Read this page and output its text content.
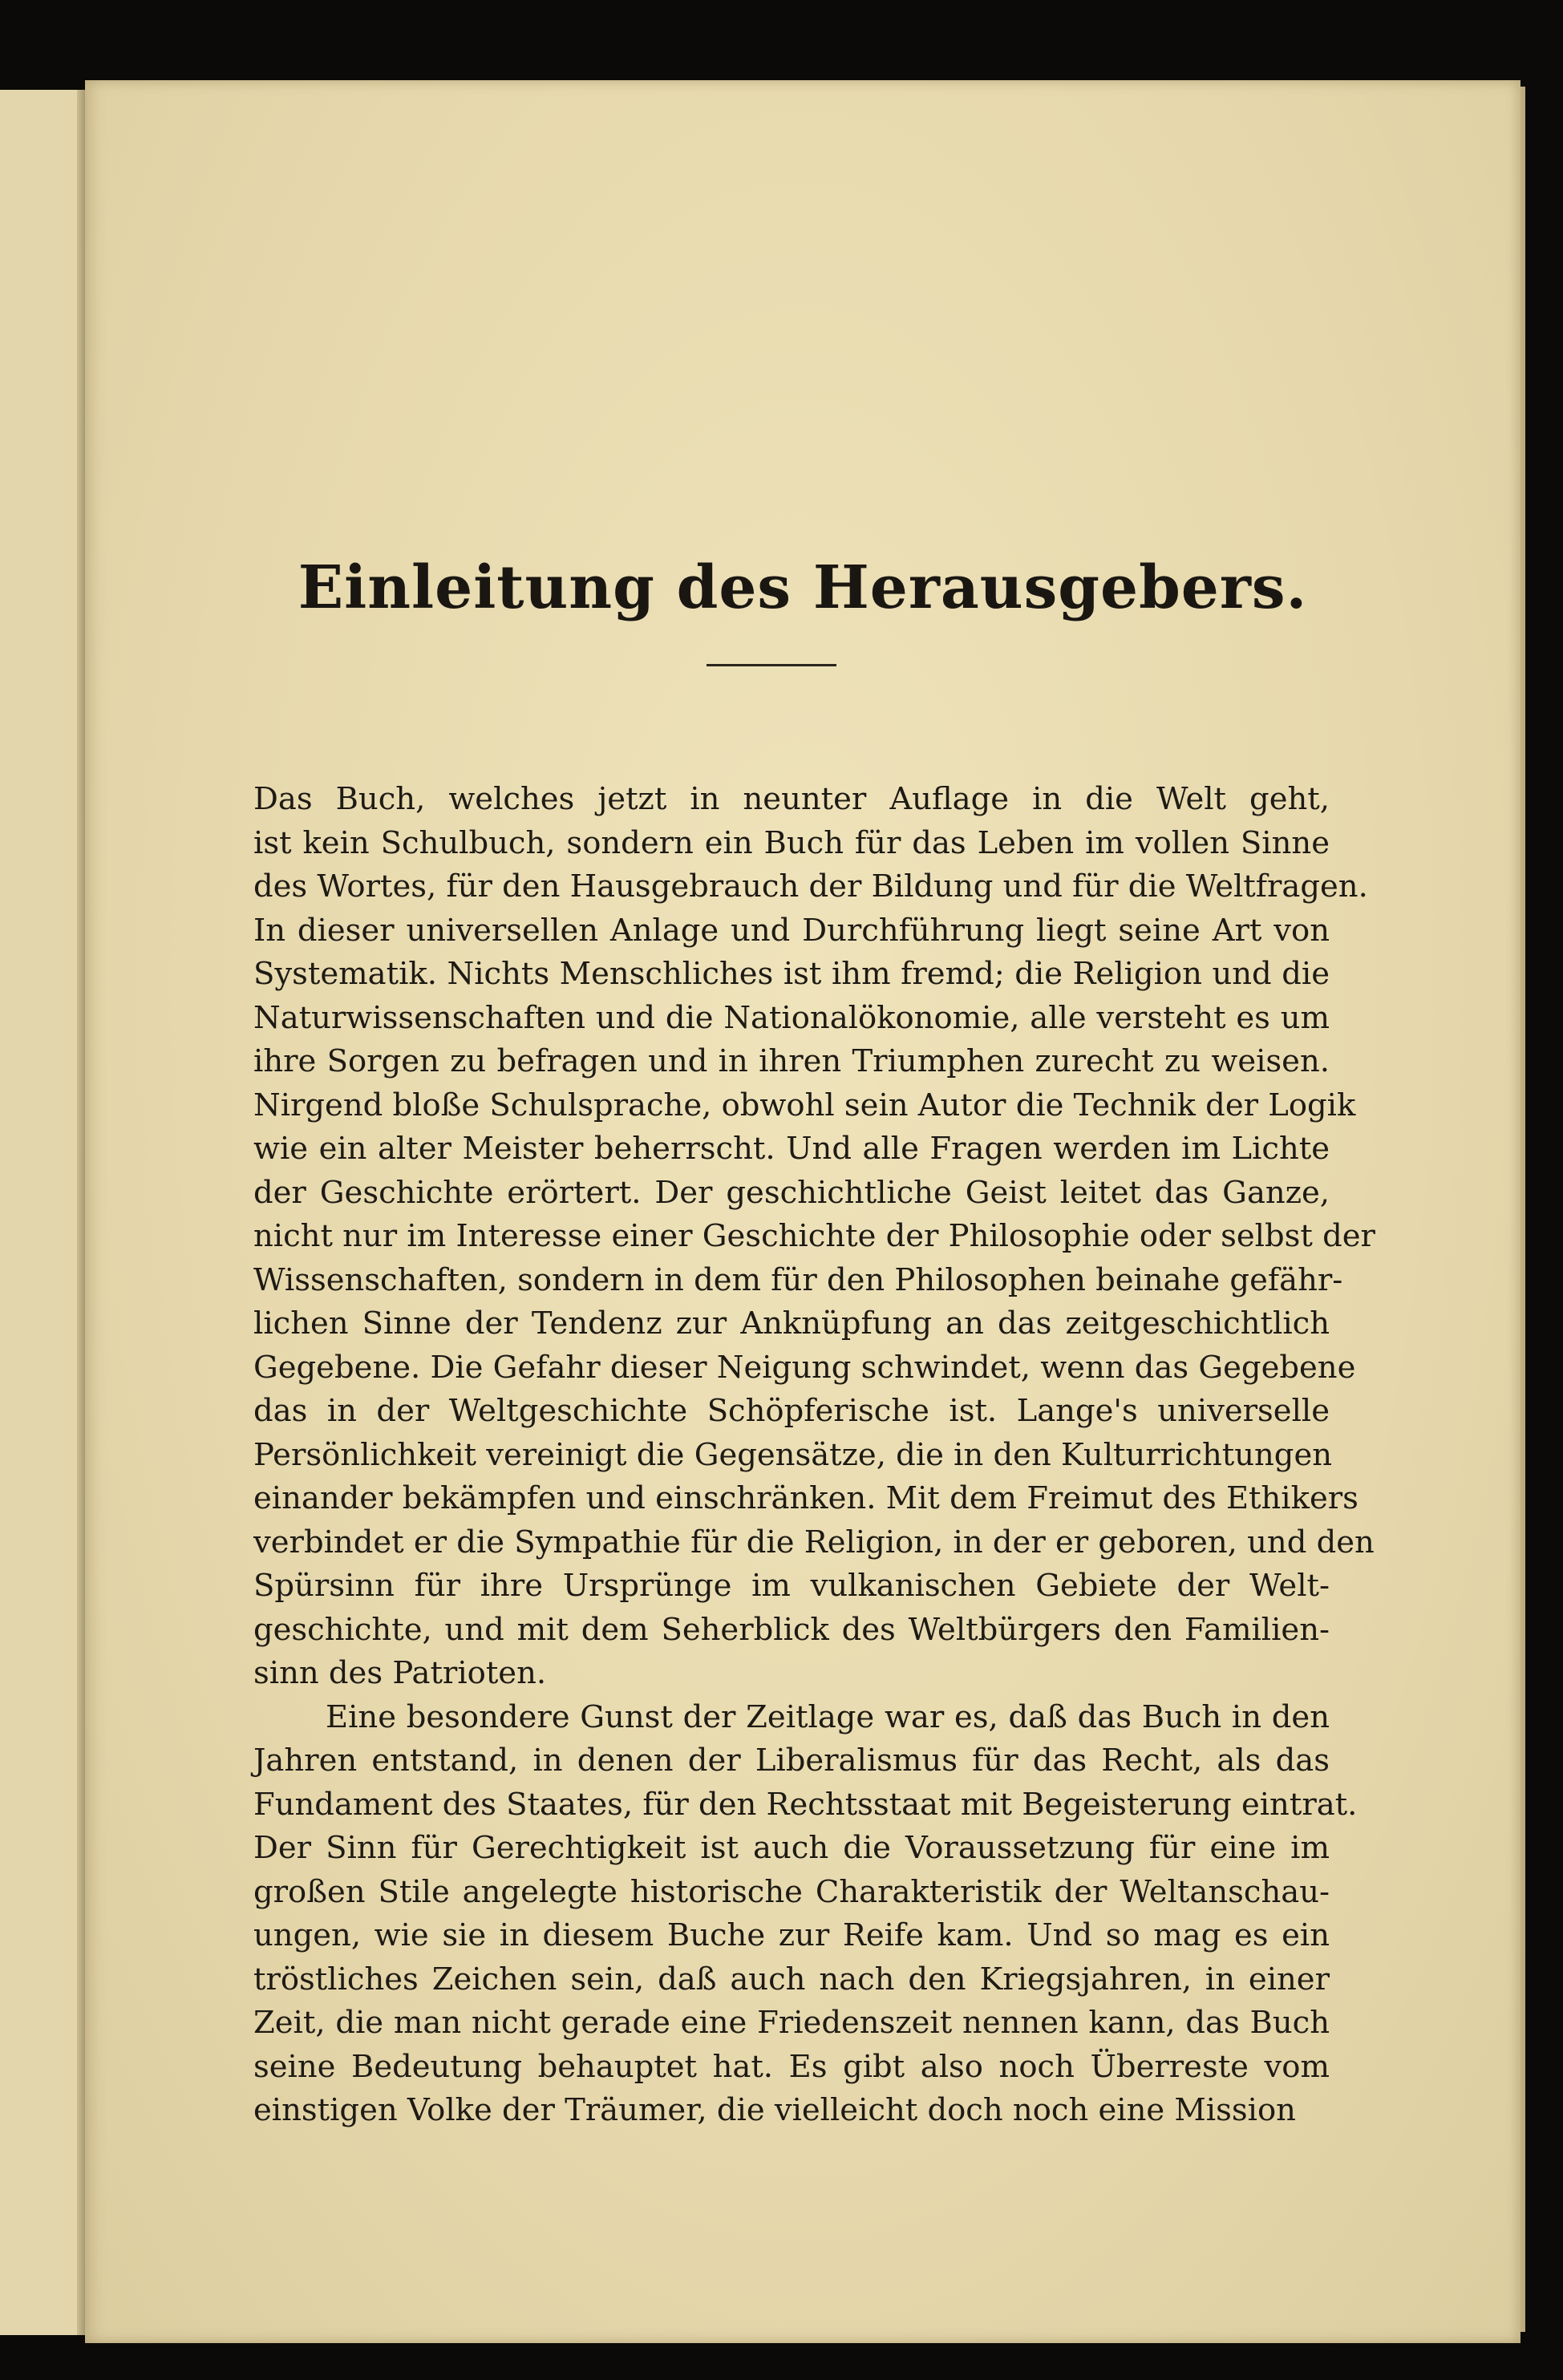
Einleitung des Herausgebers.

Das Buch, welches jetzt in neunter Auflage in die Welt geht,
ist kein Schulbuch, sondern ein Buch für das Leben im vollen Sinne
des Wortes, für den Hausgebrauch der Bildung und für die Weltfragen.
In dieser universellen Anlage und Durchführung liegt seine Art von
Systematik. Nichts Menschliches ist ihm fremd; die Religion und die
Naturwissenschaften und die Nationalökonomie, alle versteht es um
ihre Sorgen zu befragen und in ihren Triumphen zurecht zu weisen.
Nirgend bloße Schulsprache, obwohl sein Autor die Technik der Logik
wie ein alter Meister beherrscht. Und alle Fragen werden im Lichte
der Geschichte erörtert. Der geschichtliche Geist leitet das Ganze,
nicht nur im Interesse einer Geschichte der Philosophie oder selbst der
Wissenschaften, sondern in dem für den Philosophen beinahe gefähr-
lichen Sinne der Tendenz zur Anknüpfung an das zeitgeschichtlich
Gegebene. Die Gefahr dieser Neigung schwindet, wenn das Gegebene
das in der Weltgeschichte Schöpferische ist. Lange's universelle
Persönlichkeit vereinigt die Gegensätze, die in den Kulturrichtungen
einander bekämpfen und einschränken. Mit dem Freimut des Ethikers
verbindet er die Sympathie für die Religion, in der er geboren, und den
Spürsinn für ihre Ursprünge im vulkanischen Gebiete der Welt-
geschichte, und mit dem Seherblick des Weltbürgers den Familien-
sinn des Patrioten.

Eine besondere Gunst der Zeitlage war es, daß das Buch in den
Jahren entstand, in denen der Liberalismus für das Recht, als das
Fundament des Staates, für den Rechtsstaat mit Begeisterung eintrat.
Der Sinn für Gerechtigkeit ist auch die Voraussetzung für eine im
großen Stile angelegte historische Charakteristik der Weltanschau-
ungen, wie sie in diesem Buche zur Reife kam. Und so mag es ein
tröstliches Zeichen sein, daß auch nach den Kriegsjahren, in einer
Zeit, die man nicht gerade eine Friedenszeit nennen kann, das Buch
seine Bedeutung behauptet hat. Es gibt also noch Überreste vom
einstigen Volke der Träumer, die vielleicht doch noch eine Mission
